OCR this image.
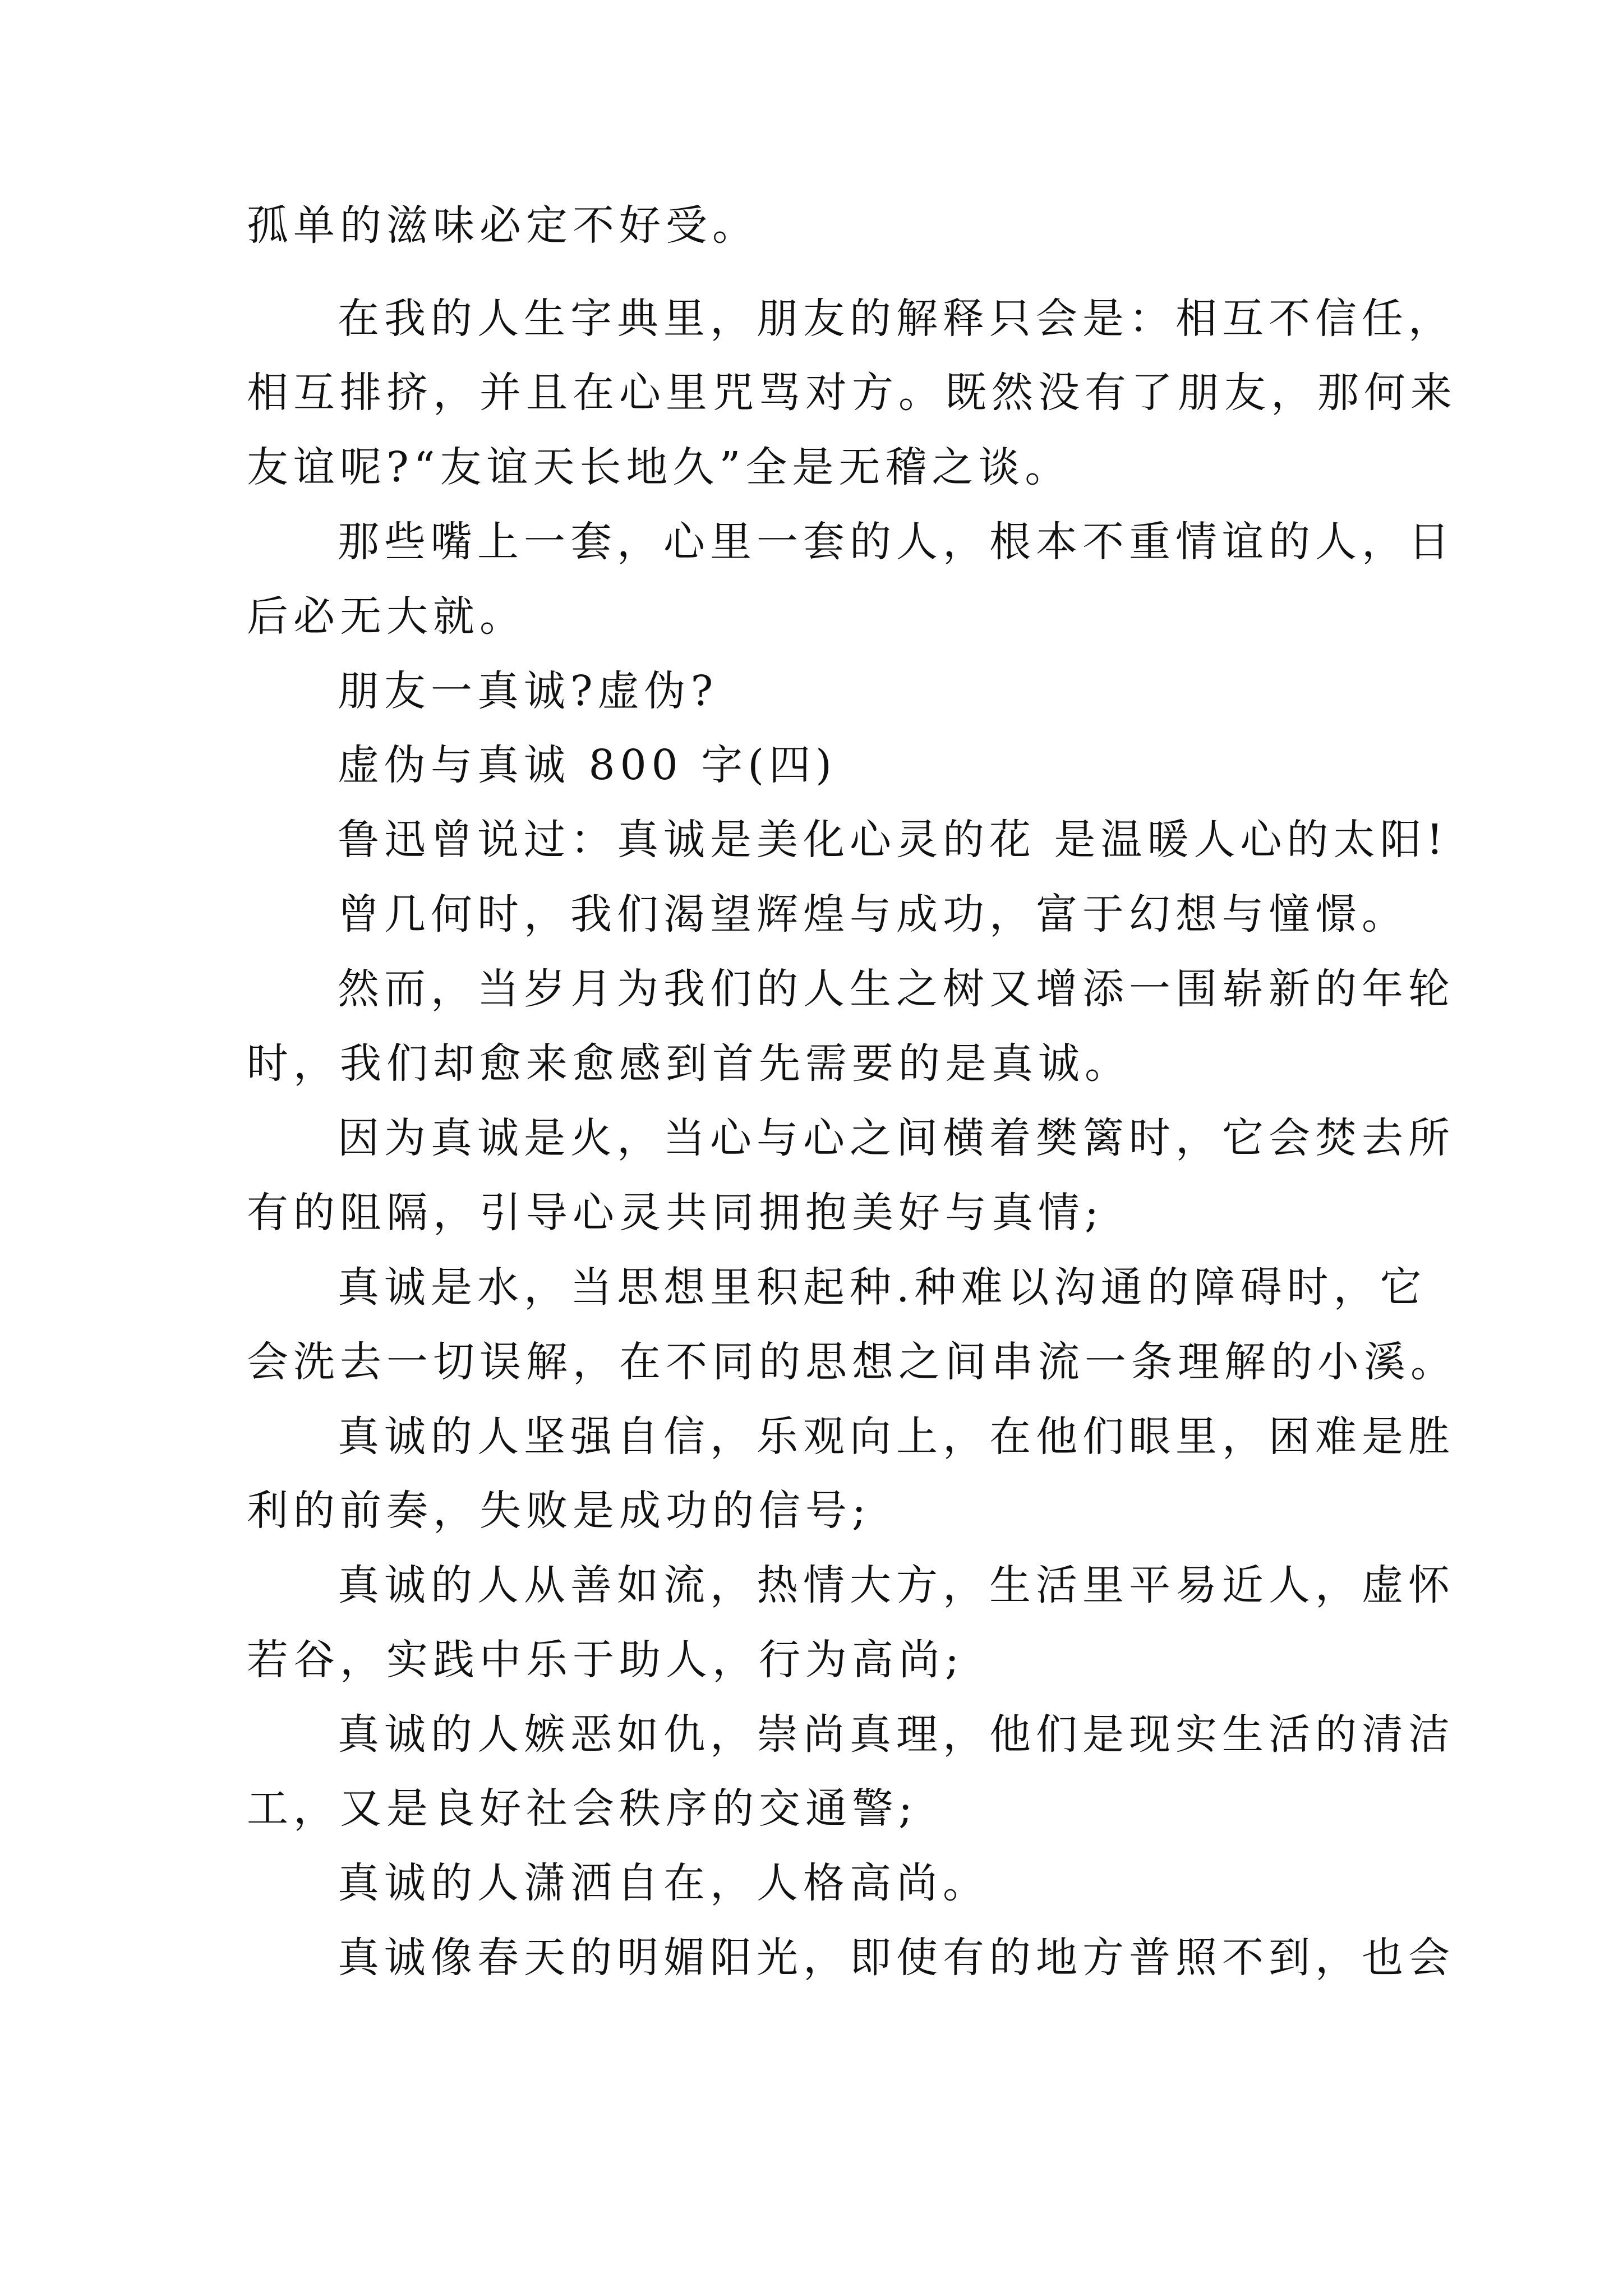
孤单的滋味必定不好受。

在我的人生字典里，朋友的解释只会是：相互不信任，

相互排挤，并且在心里咒骂对方。既然没有了朋友，那何来

友谊呢?“友谊天长地久”全是无稽之谈。

那些嘴上一套，心里一套的人，根本不重情谊的人，日

后必无大就。

朋友一真诚?虚伪?

虚伪与真诚 800 字(四)

鲁迅曾说过：真诚是美化心灵的花 是温暖人心的太阳!

曾几何时，我们渴望辉煌与成功，富于幻想与憧憬。

然而，当岁月为我们的人生之树又增添一围崭新的年轮

时，我们却愈来愈感到首先需要的是真诚。

因为真诚是火，当心与心之间横着樊篱时，它会焚去所

有的阻隔，引导心灵共同拥抱美好与真情;

真诚是水，当思想里积起种.种难以沟通的障碍时，它

会洗去一切误解，在不同的思想之间串流一条理解的小溪。

真诚的人坚强自信，乐观向上，在他们眼里，困难是胜

利的前奏，失败是成功的信号;

真诚的人从善如流，热情大方，生活里平易近人，虚怀

若谷，实践中乐于助人，行为高尚;

真诚的人嫉恶如仇，崇尚真理，他们是现实生活的清洁

工，又是良好社会秩序的交通警;

真诚的人潇洒自在，人格高尚。

真诚像春天的明媚阳光，即使有的地方普照不到，也会
